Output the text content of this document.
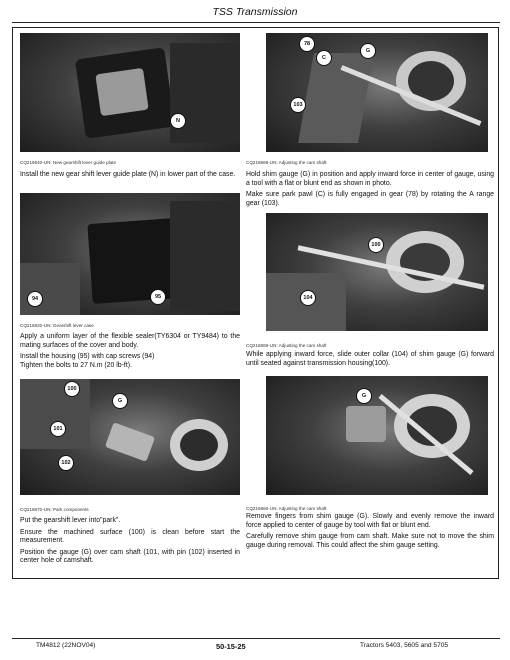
TSS Transmission
N
CQ216840-UN: New gearshift lever guide plate
78
C
G
103
CQ216868-UN: Adjusting the cam shaft

Install the new gear shift lever guide plate (N) in lower part of the case.	Hold shim gauge (G) in position and apply inward force in center of gauge, using a tool with a flat or blunt end as shown in photo.

Make sure park pawl (C) is fully engaged in gear (78) by rotating the A range gear (103).

94	95
CQ216820-UN: Gearshift lever case
100
104
CQ216869-UN: Adjusting the cam shaft

Apply a uniform layer of the flexible sealer(TY6304 or TY9484) to the mating surfaces of the cover and body.

Install the housing (95) with cap screws (94)

Tighten the bolts to 27 N.m (20 lb-ft).

While applying inward force, slide outer collar (104) of shim gauge (G) forward until seated against transmission housing(100).

100
G
101
102
CQ216870-UN: Park components
G
CQ216860-UN: Adjusting the cam shaft

Put the gearshift lever into"park".

Ensure the machined surface (100) is clean before start the measurement.

Position the gauge (G) over cam shaft (101, with pin (102) inserted in center hole of camshaft.

Remove fingers from shim gauge (G). Slowly and evenly remove the inward force applied to center of gauge by tool with flat or blunt end.

Carefully remove shim gauge from cam shaft. Make sure not to move the shim gauge during removal. This could affect the shim gauge setting.

TM4812 (22NOV04)	50-15-25	Tractors 5403, 5605 and 5705
